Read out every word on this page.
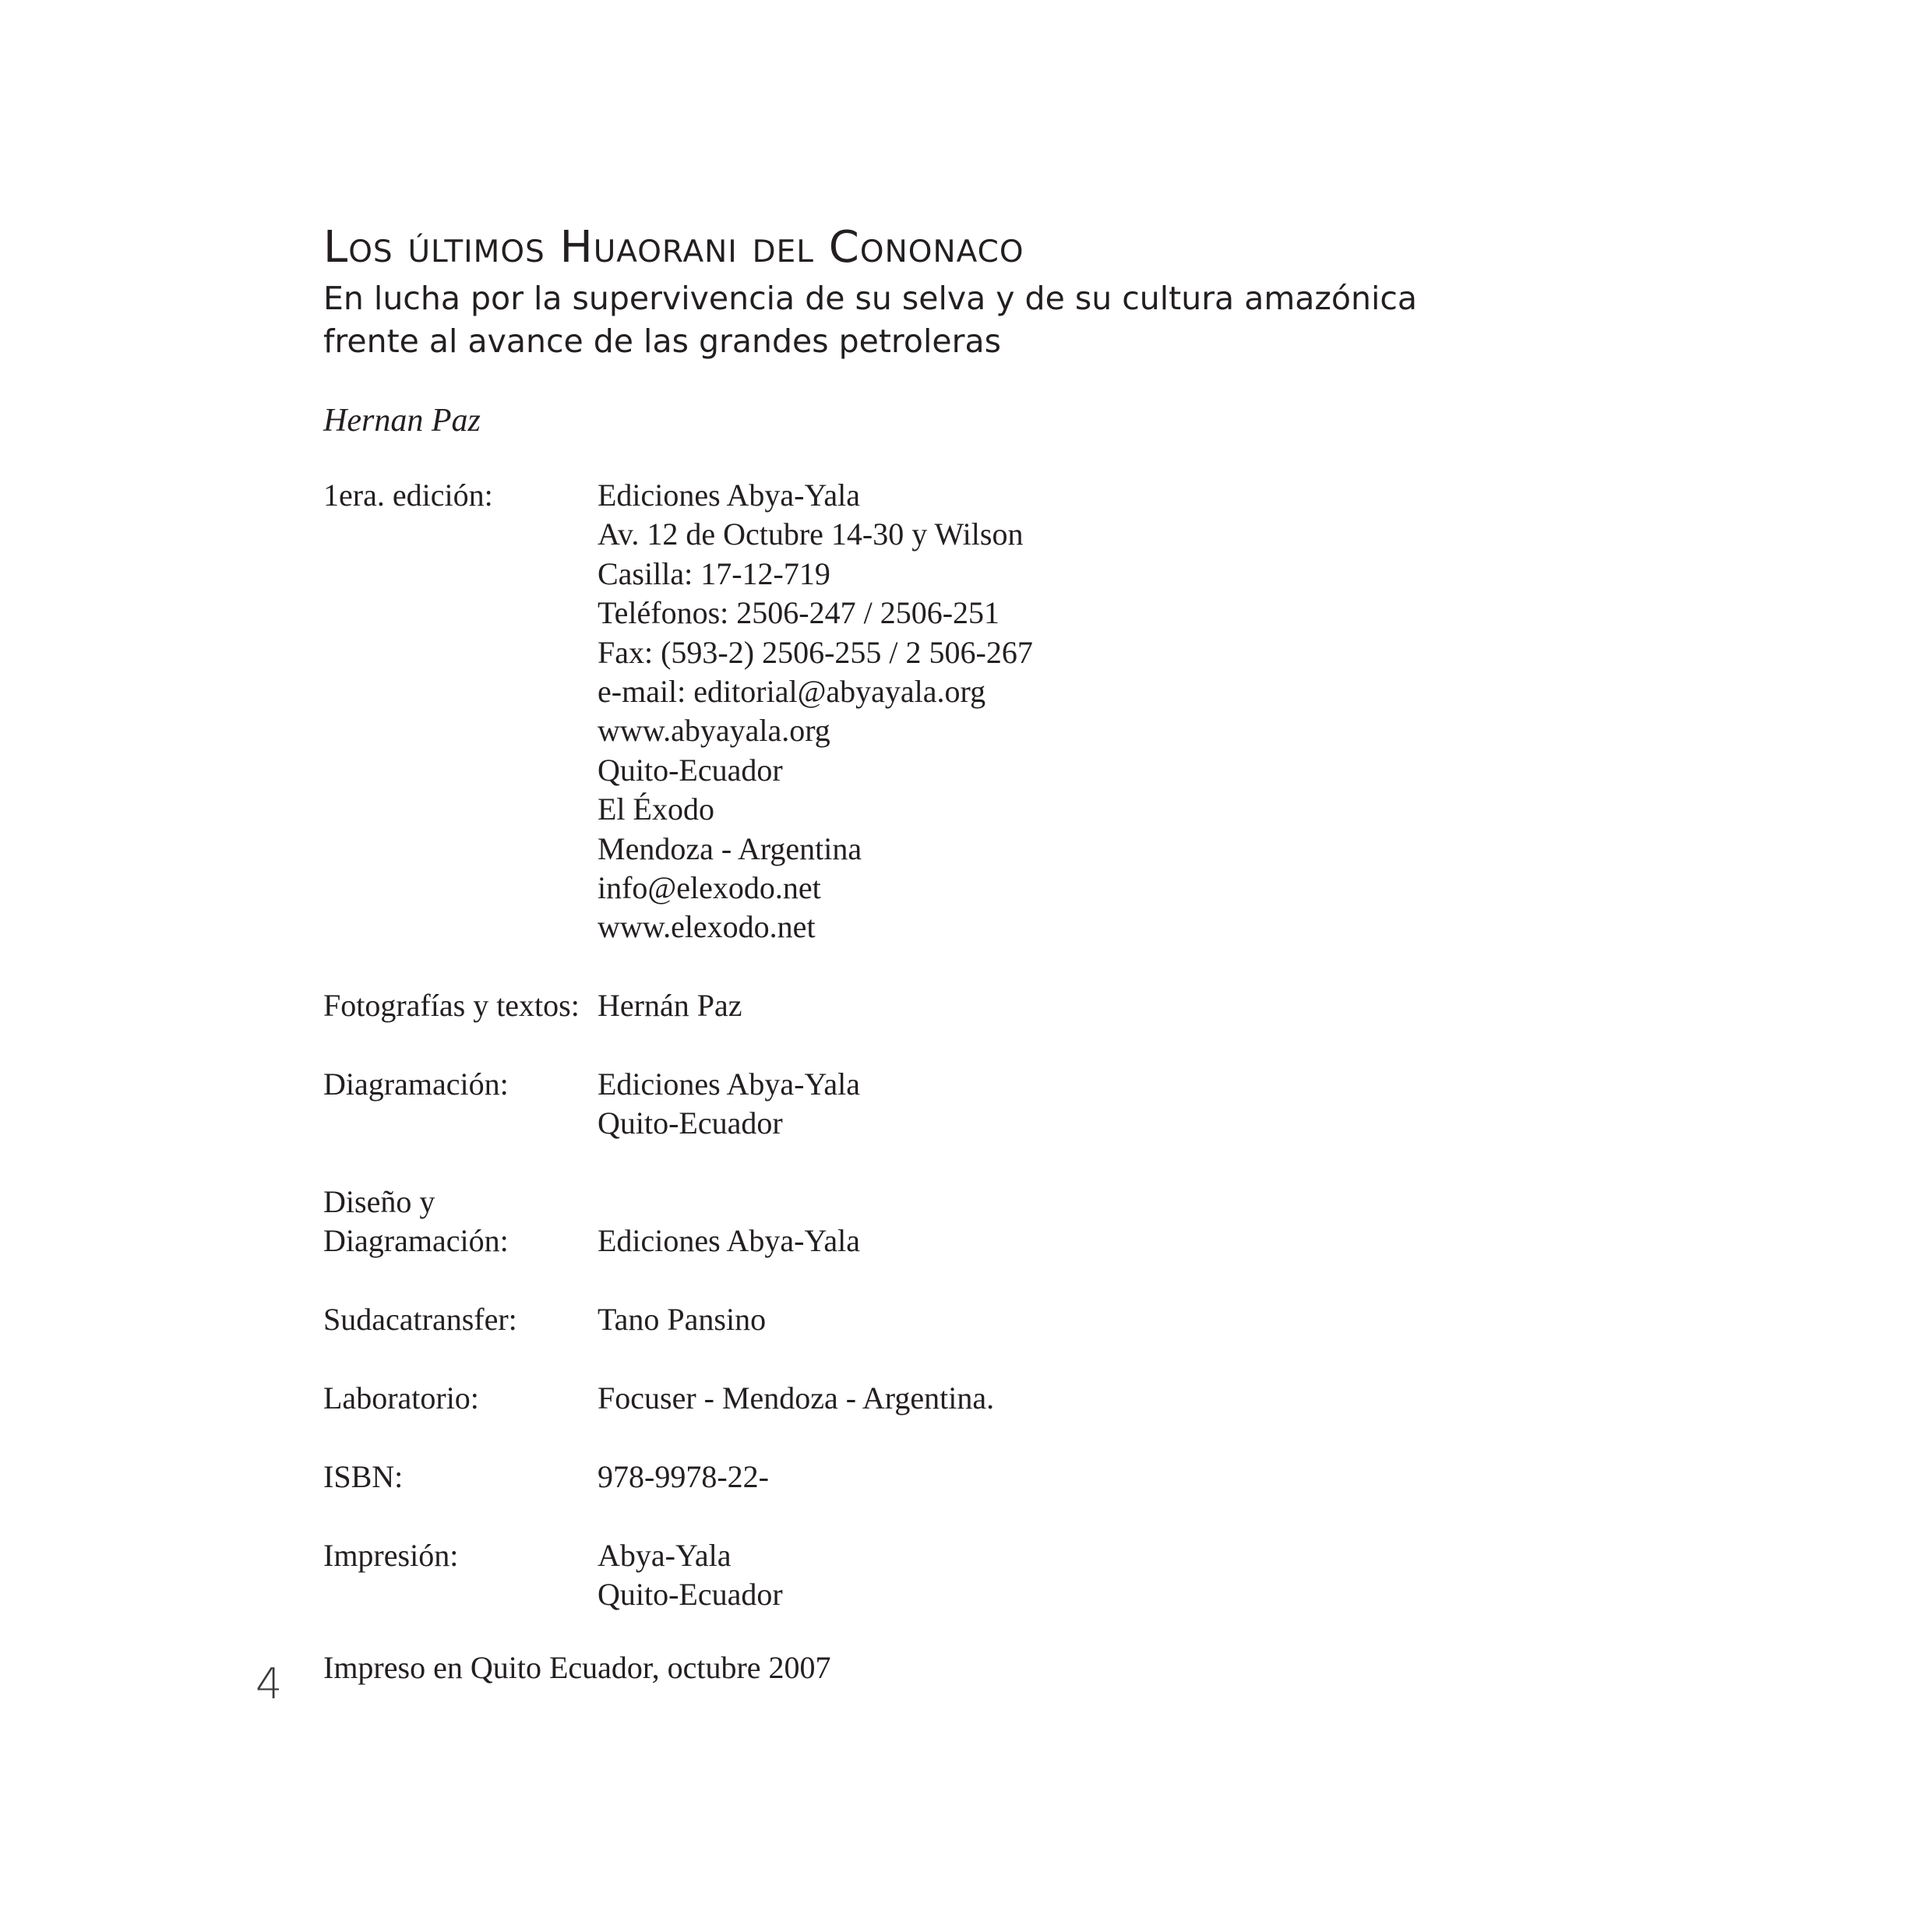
Los últimos Huaorani del Cononaco
En lucha por la supervivencia de su selva y de su cultura amazónica
frente al avance de las grandes petroleras
Hernan Paz
1era. edición:	Ediciones Abya-Yala
Av. 12 de Octubre 14-30 y Wilson
Casilla: 17-12-719
Teléfonos: 2506-247 / 2506-251
Fax: (593-2) 2506-255 / 2 506-267
e-mail: editorial@abyayala.org
www.abyayala.org
Quito-Ecuador
El Éxodo
Mendoza - Argentina
info@elexodo.net
www.elexodo.net
Fotografías y textos: Hernán Paz
Diagramación:	Ediciones Abya-Yala
Quito-Ecuador
Diseño y
Diagramación:	Ediciones Abya-Yala
Sudacatransfer:	Tano Pansino
Laboratorio:	Focuser - Mendoza - Argentina.
ISBN:	978-9978-22-
Impresión:	Abya-Yala
Quito-Ecuador
Impreso en Quito Ecuador, octubre 2007
4
